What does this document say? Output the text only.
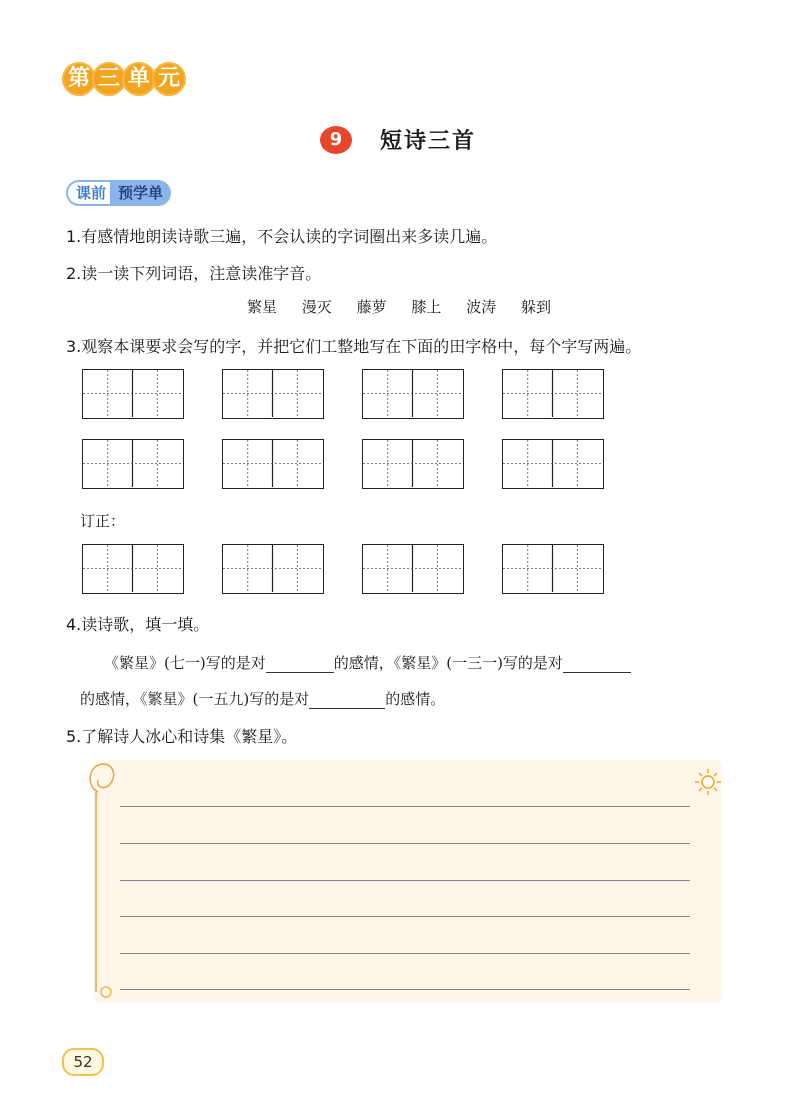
第 三 单 元
9	短诗三首
课前 预学单
1.有感情地朗读诗歌三遍，不会认读的字词圈出来多读几遍。
2.读一读下列词语，注意读准字音。
繁星 漫灭 藤萝 膝上 波涛 躲到
3.观察本课要求会写的字，并把它们工整地写在下面的田字格中，每个字写两遍。
订正：
4.读诗歌，填一填。
《繁星》(七一)写的是对	的感情，《繁星》(一三一)写的是对
的感情，《繁星》(一五九)写的是对	的感情。
5.了解诗人冰心和诗集《繁星》。
52
